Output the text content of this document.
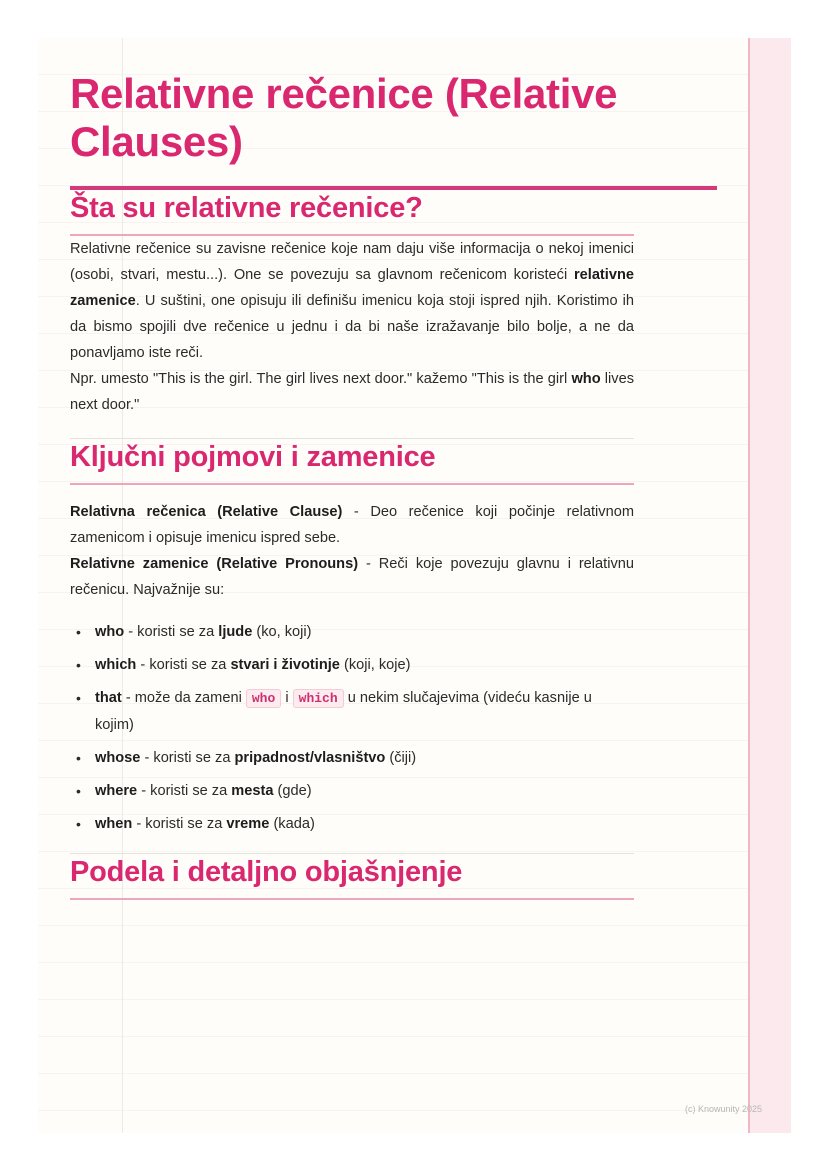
Relativne rečenice (Relative Clauses)
Šta su relativne rečenice?

Relativne rečenice su zavisne rečenice koje nam daju više informacija o nekoj imenici (osobi, stvari, mestu...). One se povezuju sa glavnom rečenicom koristeći relativne zamenice. U suštini, one opisuju ili definišu imenicu koja stoji ispred njih. Koristimo ih da bismo spojili dve rečenice u jednu i da bi naše izražavanje bilo bolje, a ne da ponavljamo iste reči.

Npr. umesto "This is the girl. The girl lives next door." kažemo "This is the girl who lives next door."

Ključni pojmovi i zamenice

Relativna rečenica (Relative Clause) - Deo rečenice koji počinje relativnom zamenicom i opisuje imenicu ispred sebe.

Relativne zamenice (Relative Pronouns) - Reči koje povezuju glavnu i relativnu rečenicu. Najvažnije su:

• who - koristi se za ljude (ko, koji)
• which - koristi se za stvari i životinje (koji, koje)
• that - može da zameni who i which u nekim slučajevima (videću kasnije u kojim)
• whose - koristi se za pripadnost/vlasništvo (čiji)
• where - koristi se za mesta (gde)
• when - koristi se za vreme (kada)
Podela i detaljno objašnjenje
(c) Knowunity 2025
